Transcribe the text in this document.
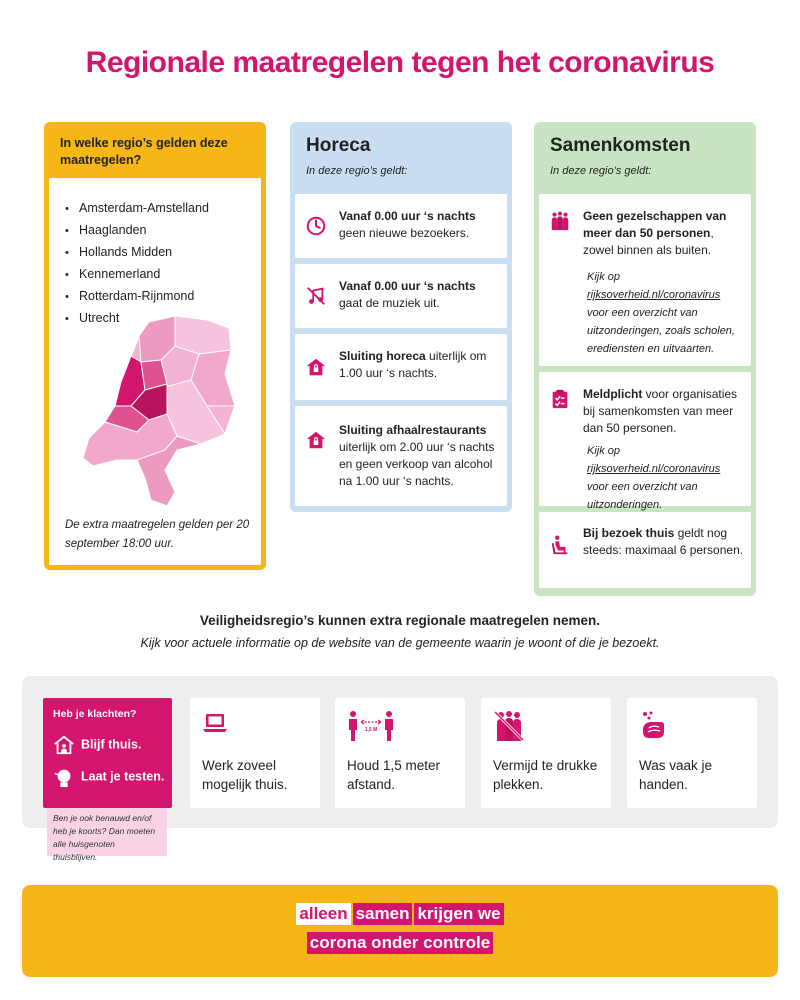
Regionale maatregelen tegen het coronavirus
In welke regio’s gelden deze maatregelen?
• Amsterdam-Amstelland
• Haaglanden
• Hollands Midden
• Kennemerland
• Rotterdam-Rijnmond
• Utrecht
De extra maatregelen gelden per 20 september 18:00 uur.
Horeca
In deze regio’s geldt:
Vanaf 0.00 uur ‘s nachts geen nieuwe bezoekers.
Vanaf 0.00 uur ‘s nachts gaat de muziek uit.
Sluiting horeca uiterlijk om 1.00 uur ‘s nachts.
Sluiting afhaalrestaurants uiterlijk om 2.00 uur ‘s nachts en geen verkoop van alcohol na 1.00 uur ‘s nachts.
Samenkomsten
In deze regio’s geldt:
Geen gezelschappen van meer dan 50 personen, zowel binnen als buiten.
Kijk op rijksoverheid.nl/coronavirus voor een overzicht van uitzonderingen, zoals scholen, erediensten en uitvaarten.
Meldplicht voor organisaties bij samenkomsten van meer dan 50 personen.
Kijk op rijksoverheid.nl/coronavirus voor een overzicht van uitzonderingen.
Bij bezoek thuis geldt nog steeds: maximaal 6 personen.
Veiligheidsregio’s kunnen extra regionale maatregelen nemen.
Kijk voor actuele informatie op de website van de gemeente waarin je woont of die je bezoekt.
Heb je klachten?
Blijf thuis.
Laat je testen.
Ben je ook benauwd en/of heb je koorts? Dan moeten alle huisgenoten thuisblijven.
Werk zoveel mogelijk thuis.
1,5 M
Houd 1,5 meter afstand.
Vermijd te drukke plekken.
Was vaak je handen.
alleen samen krijgen we
corona onder controle
